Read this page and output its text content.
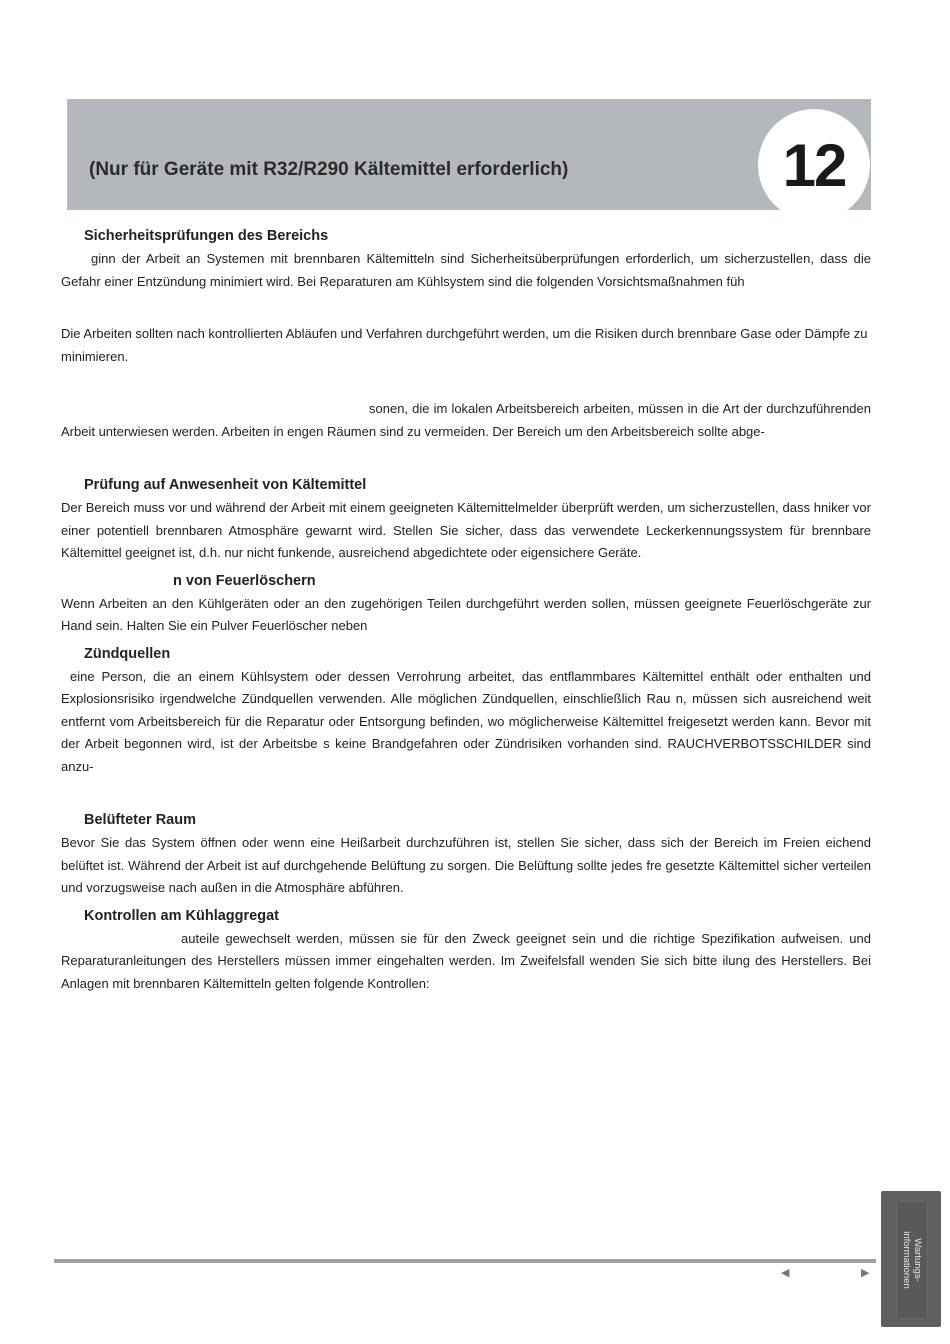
(Nur für Geräte mit R32/R290 Kältemittel erforderlich)	12
Sicherheitsprüfungen des Bereichs

ginn der Arbeit an Systemen mit brennbaren Kältemitteln sind Sicherheitsüberprüfungen erforderlich, um sicherzustellen, dass die Gefahr einer Entzündung minimiert wird. Bei Reparaturen am Kühlsystem sind die folgenden Vorsichtsmaßnahmen füh

Die Arbeiten sollten nach kontrollierten Abläufen und Verfahren durchgeführt werden, um die Risiken durch brennbare Gase oder Dämpfe zu minimieren.

sonen, die im lokalen Arbeitsbereich arbeiten, müssen in die Art der durchzuführenden Arbeit unterwiesen werden. Arbeiten in engen Räumen sind zu vermeiden. Der Bereich um den Arbeitsbereich sollte abge-

Prüfung auf Anwesenheit von Kältemittel

Der Bereich muss vor und während der Arbeit mit einem geeigneten Kältemittelmelder überprüft werden, um sicherzustellen, dass hniker vor einer potentiell brennbaren Atmosphäre gewarnt wird. Stellen Sie sicher, dass das verwendete Leckerkennungssystem für brennbare Kältemittel geeignet ist, d.h. nur nicht funkende, ausreichend abgedichtete oder eigensichere Geräte.

n von Feuerlöschern

Wenn Arbeiten an den Kühlgeräten oder an den zugehörigen Teilen durchgeführt werden sollen, müssen geeignete Feuerlöschgeräte zur Hand sein. Halten Sie ein Pulver Feuerlöscher neben

Zündquellen

eine Person, die an einem Kühlsystem oder dessen Verrohrung arbeitet, das entflammbares Kältemittel enthält oder enthalten und Explosionsrisiko irgendwelche Zündquellen verwenden. Alle möglichen Zündquellen, einschließlich Rau n, müssen sich ausreichend weit entfernt vom Arbeitsbereich für die Reparatur oder Entsorgung befinden, wo möglicherweise Kältemittel freigesetzt werden kann. Bevor mit der Arbeit begonnen wird, ist der Arbeitsbe s keine Brandgefahren oder Zündrisiken vorhanden sind. RAUCHVERBOTSSCHILDER sind anzu-

Belüfteter Raum

Bevor Sie das System öffnen oder wenn eine Heißarbeit durchzuführen ist, stellen Sie sicher, dass sich der Bereich im Freien eichend belüftet ist. Während der Arbeit ist auf durchgehende Belüftung zu sorgen. Die Belüftung sollte jedes fre gesetzte Kältemittel sicher verteilen und vorzugsweise nach außen in die Atmosphäre abführen.

Kontrollen am Kühlaggregat

auteile gewechselt werden, müssen sie für den Zweck geeignet sein und die richtige Spezifikation aufweisen. und Reparaturanleitungen des Herstellers müssen immer eingehalten werden. Im Zweifelsfall wenden Sie sich bitte ilung des Herstellers. Bei Anlagen mit brennbaren Kältemitteln gelten folgende Kontrollen:

◀	▶	Wartungs-
informationen
